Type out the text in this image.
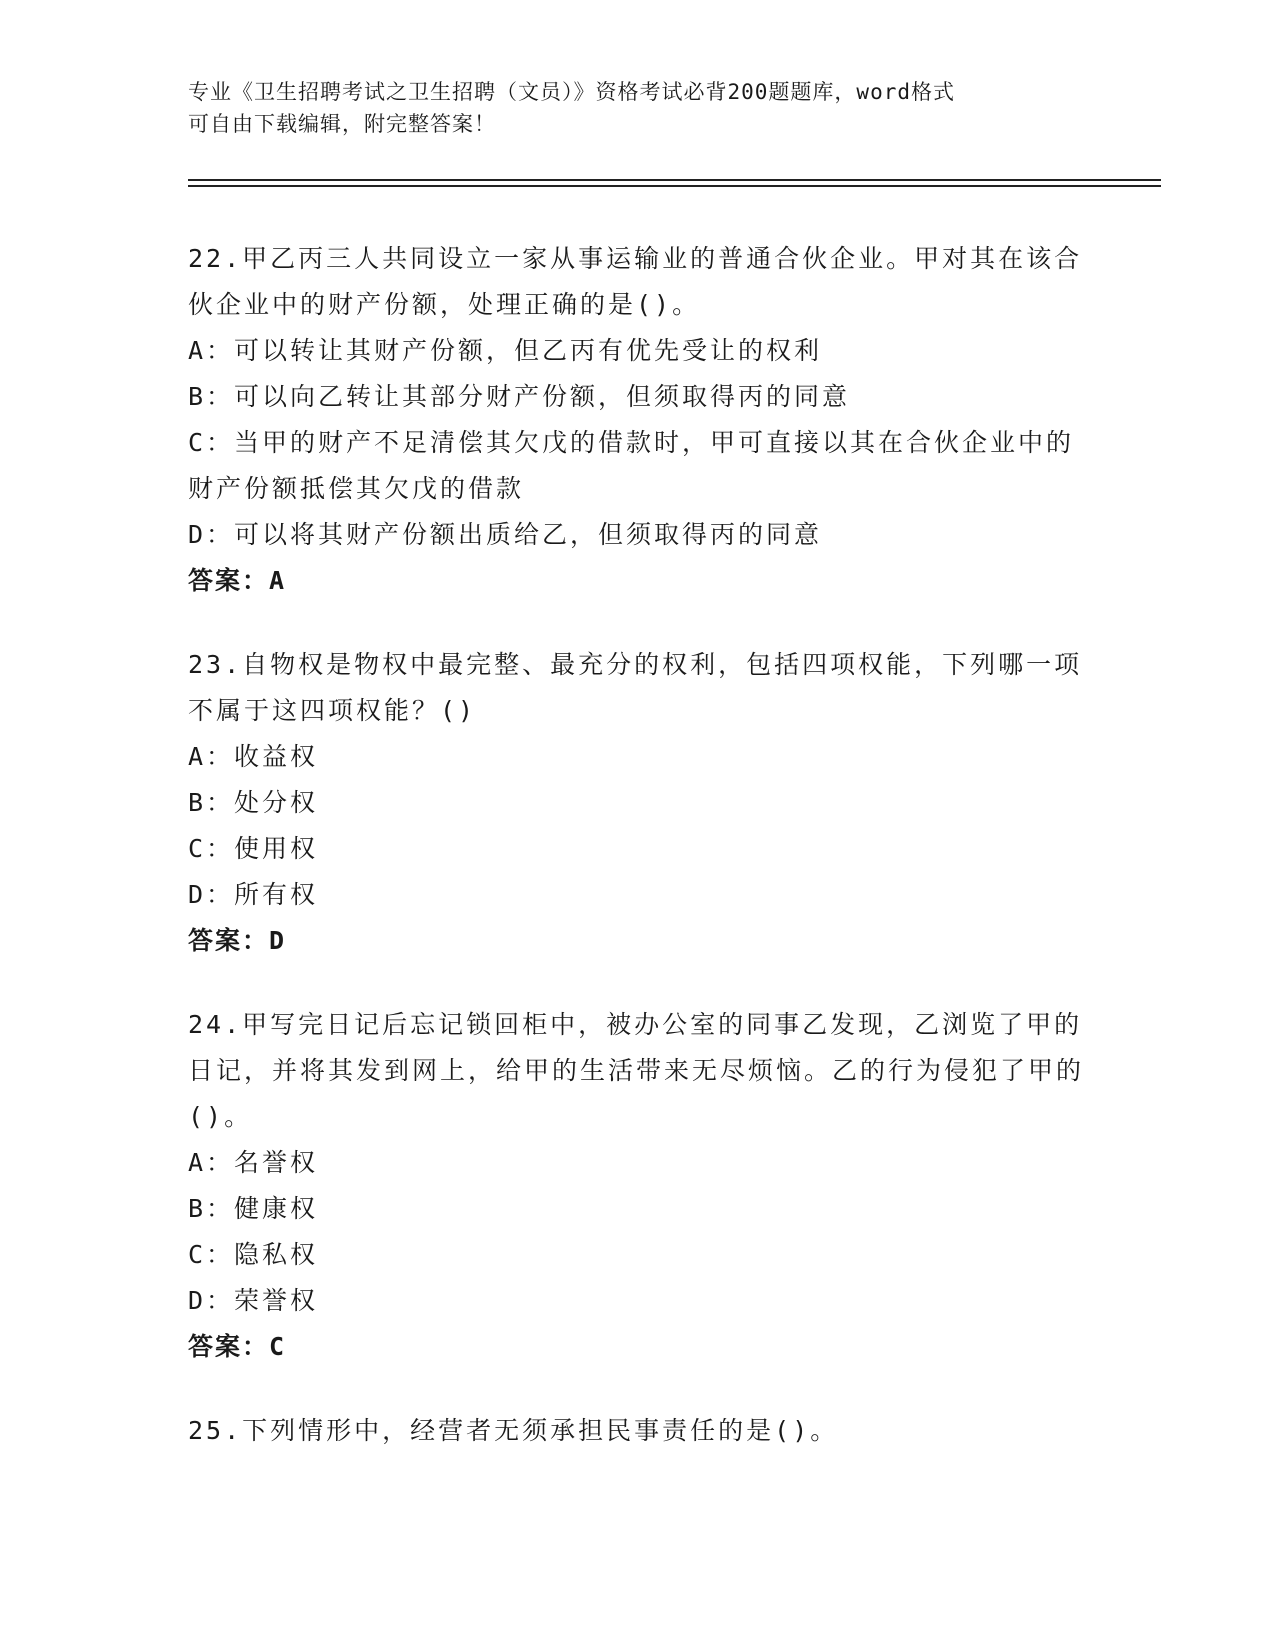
专业《卫生招聘考试之卫生招聘（文员）》资格考试必背200题题库，word格式
可自由下载编辑，附完整答案！
22.甲乙丙三人共同设立一家从事运输业的普通合伙企业。甲对其在该合伙企业中的财产份额，处理正确的是()。
A：可以转让其财产份额，但乙丙有优先受让的权利
B：可以向乙转让其部分财产份额，但须取得丙的同意
C：当甲的财产不足清偿其欠戊的借款时，甲可直接以其在合伙企业中的财产份额抵偿其欠戊的借款
D：可以将其财产份额出质给乙，但须取得丙的同意
答案：A
23.自物权是物权中最完整、最充分的权利，包括四项权能，下列哪一项不属于这四项权能？()
A：收益权
B：处分权
C：使用权
D：所有权
答案：D
24.甲写完日记后忘记锁回柜中，被办公室的同事乙发现，乙浏览了甲的日记，并将其发到网上，给甲的生活带来无尽烦恼。乙的行为侵犯了甲的()。
A：名誉权
B：健康权
C：隐私权
D：荣誉权
答案：C
25.下列情形中，经营者无须承担民事责任的是()。
